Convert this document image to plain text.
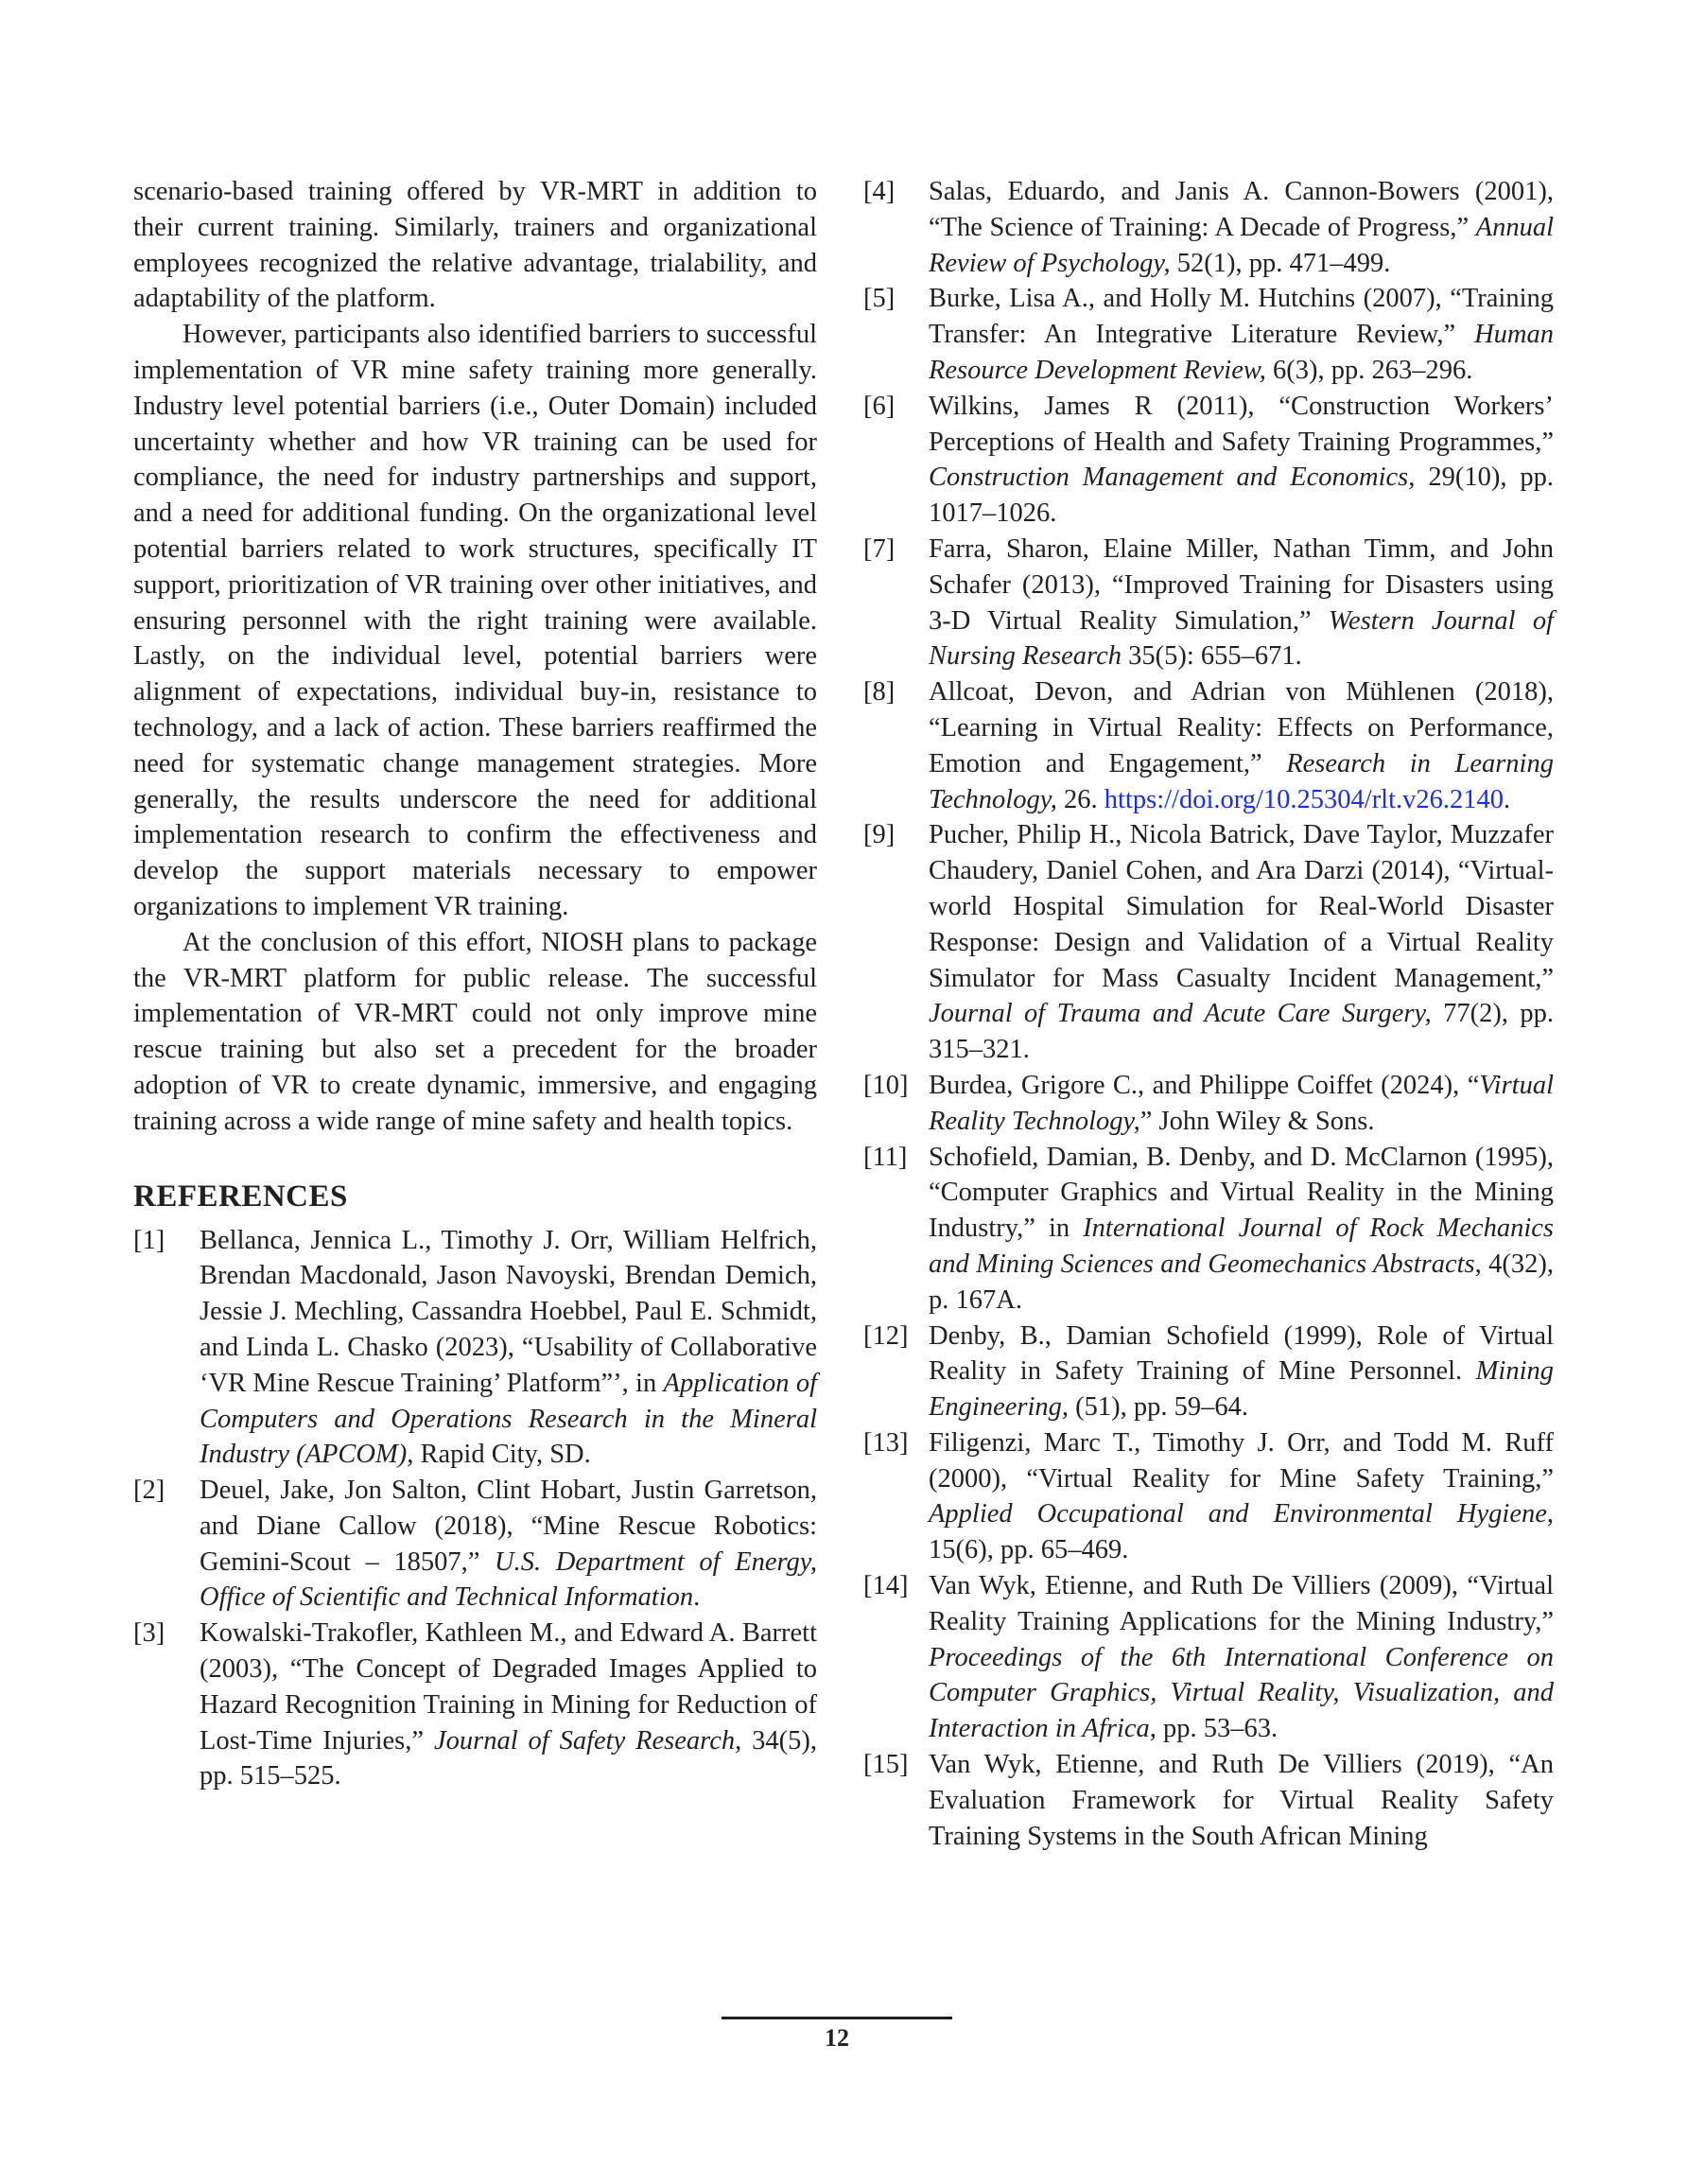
scenario-based training offered by VR-MRT in addition to their current training. Similarly, trainers and organizational employees recognized the relative advantage, trialability, and adaptability of the platform.

However, participants also identified barriers to successful implementation of VR mine safety training more generally. Industry level potential barriers (i.e., Outer Domain) included uncertainty whether and how VR training can be used for compliance, the need for industry partnerships and support, and a need for additional funding. On the organizational level potential barriers related to work structures, specifically IT support, prioritization of VR training over other initiatives, and ensuring personnel with the right training were available. Lastly, on the individual level, potential barriers were alignment of expectations, individual buy-in, resistance to technology, and a lack of action. These barriers reaffirmed the need for systematic change management strategies. More generally, the results underscore the need for additional implementation research to confirm the effectiveness and develop the support materials necessary to empower organizations to implement VR training.

At the conclusion of this effort, NIOSH plans to package the VR-MRT platform for public release. The successful implementation of VR-MRT could not only improve mine rescue training but also set a precedent for the broader adoption of VR to create dynamic, immersive, and engaging training across a wide range of mine safety and health topics.

REFERENCES
[1] Bellanca, Jennica L., Timothy J. Orr, William Helfrich, Brendan Macdonald, Jason Navoyski, Brendan Demich, Jessie J. Mechling, Cassandra Hoebbel, Paul E. Schmidt, and Linda L. Chasko (2023), “Usability of Collaborative ‘VR Mine Rescue Training’ Platform”’, in Application of Computers and Operations Research in the Mineral Industry (APCOM), Rapid City, SD.
[2] Deuel, Jake, Jon Salton, Clint Hobart, Justin Garretson, and Diane Callow (2018), “Mine Rescue Robotics: Gemini-Scout – 18507,” U.S. Department of Energy, Office of Scientific and Technical Information.
[3] Kowalski-Trakofler, Kathleen M., and Edward A. Barrett (2003), “The Concept of Degraded Images Applied to Hazard Recognition Training in Mining for Reduction of Lost-Time Injuries,” Journal of Safety Research, 34(5), pp. 515–525.
[4] Salas, Eduardo, and Janis A. Cannon-Bowers (2001), “The Science of Training: A Decade of Progress,” Annual Review of Psychology, 52(1), pp. 471–499.
[5] Burke, Lisa A., and Holly M. Hutchins (2007), “Training Transfer: An Integrative Literature Review,” Human Resource Development Review, 6(3), pp. 263–296.
[6] Wilkins, James R (2011), “Construction Workers’ Perceptions of Health and Safety Training Programmes,” Construction Management and Economics, 29(10), pp. 1017–1026.
[7] Farra, Sharon, Elaine Miller, Nathan Timm, and John Schafer (2013), “Improved Training for Disasters using 3-D Virtual Reality Simulation,” Western Journal of Nursing Research 35(5): 655–671.
[8] Allcoat, Devon, and Adrian von Mühlenen (2018), “Learning in Virtual Reality: Effects on Performance, Emotion and Engagement,” Research in Learning Technology, 26. https://doi.org/10.25304/rlt.v26.2140.
[9] Pucher, Philip H., Nicola Batrick, Dave Taylor, Muzzafer Chaudery, Daniel Cohen, and Ara Darzi (2014), “Virtual-world Hospital Simulation for Real-World Disaster Response: Design and Validation of a Virtual Reality Simulator for Mass Casualty Incident Management,” Journal of Trauma and Acute Care Surgery, 77(2), pp. 315–321.
[10] Burdea, Grigore C., and Philippe Coiffet (2024), “Virtual Reality Technology,” John Wiley & Sons.
[11] Schofield, Damian, B. Denby, and D. McClarnon (1995), “Computer Graphics and Virtual Reality in the Mining Industry,” in International Journal of Rock Mechanics and Mining Sciences and Geomechanics Abstracts, 4(32), p. 167A.
[12] Denby, B., Damian Schofield (1999), Role of Virtual Reality in Safety Training of Mine Personnel. Mining Engineering, (51), pp. 59–64.
[13] Filigenzi, Marc T., Timothy J. Orr, and Todd M. Ruff (2000), “Virtual Reality for Mine Safety Training,” Applied Occupational and Environmental Hygiene, 15(6), pp. 65–469.
[14] Van Wyk, Etienne, and Ruth De Villiers (2009), “Virtual Reality Training Applications for the Mining Industry,” Proceedings of the 6th International Conference on Computer Graphics, Virtual Reality, Visualization, and Interaction in Africa, pp. 53–63.
[15] Van Wyk, Etienne, and Ruth De Villiers (2019), “An Evaluation Framework for Virtual Reality Safety Training Systems in the South African Mining
12
